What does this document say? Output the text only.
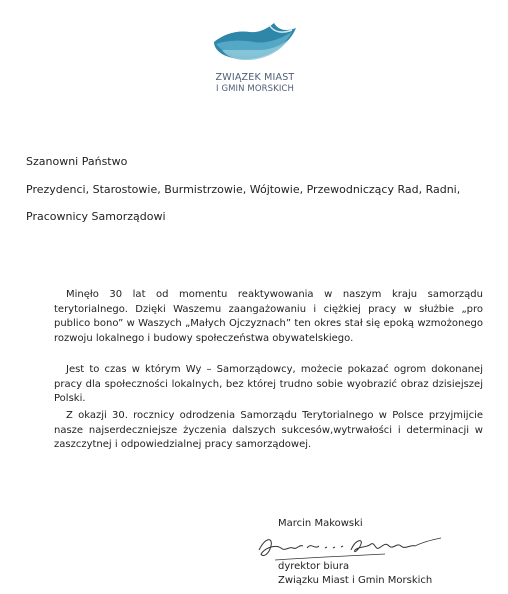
ZWIĄZEK MIAST
I GMIN MORSKICH
Szanowni Państwo
Prezydenci, Starostowie, Burmistrzowie, Wójtowie, Przewodniczący Rad, Radni,
Pracownicy Samorządowi
Minęło 30 lat od momentu reaktywowania w naszym kraju samorządu terytorialnego. Dzięki Waszemu zaangażowaniu i ciężkiej pracy w służbie „pro publico bono” w Waszych „Małych Ojczyznach” ten okres stał się epoką wzmożonego rozwoju lokalnego i budowy społeczeństwa obywatelskiego.
Jest to czas w którym Wy – Samorządowcy, możecie pokazać ogrom dokonanej pracy dla społeczności lokalnych, bez której trudno sobie wyobrazić obraz dzisiejszej Polski.
Z okazji 30. rocznicy odrodzenia Samorządu Terytorialnego w Polsce przyjmijcie nasze najserdeczniejsze życzenia dalszych sukcesów,wytrwałości i determinacji w zaszczytnej i odpowiedzialnej pracy samorządowej.
Marcin Makowski
dyrektor biura
Związku Miast i Gmin Morskich
